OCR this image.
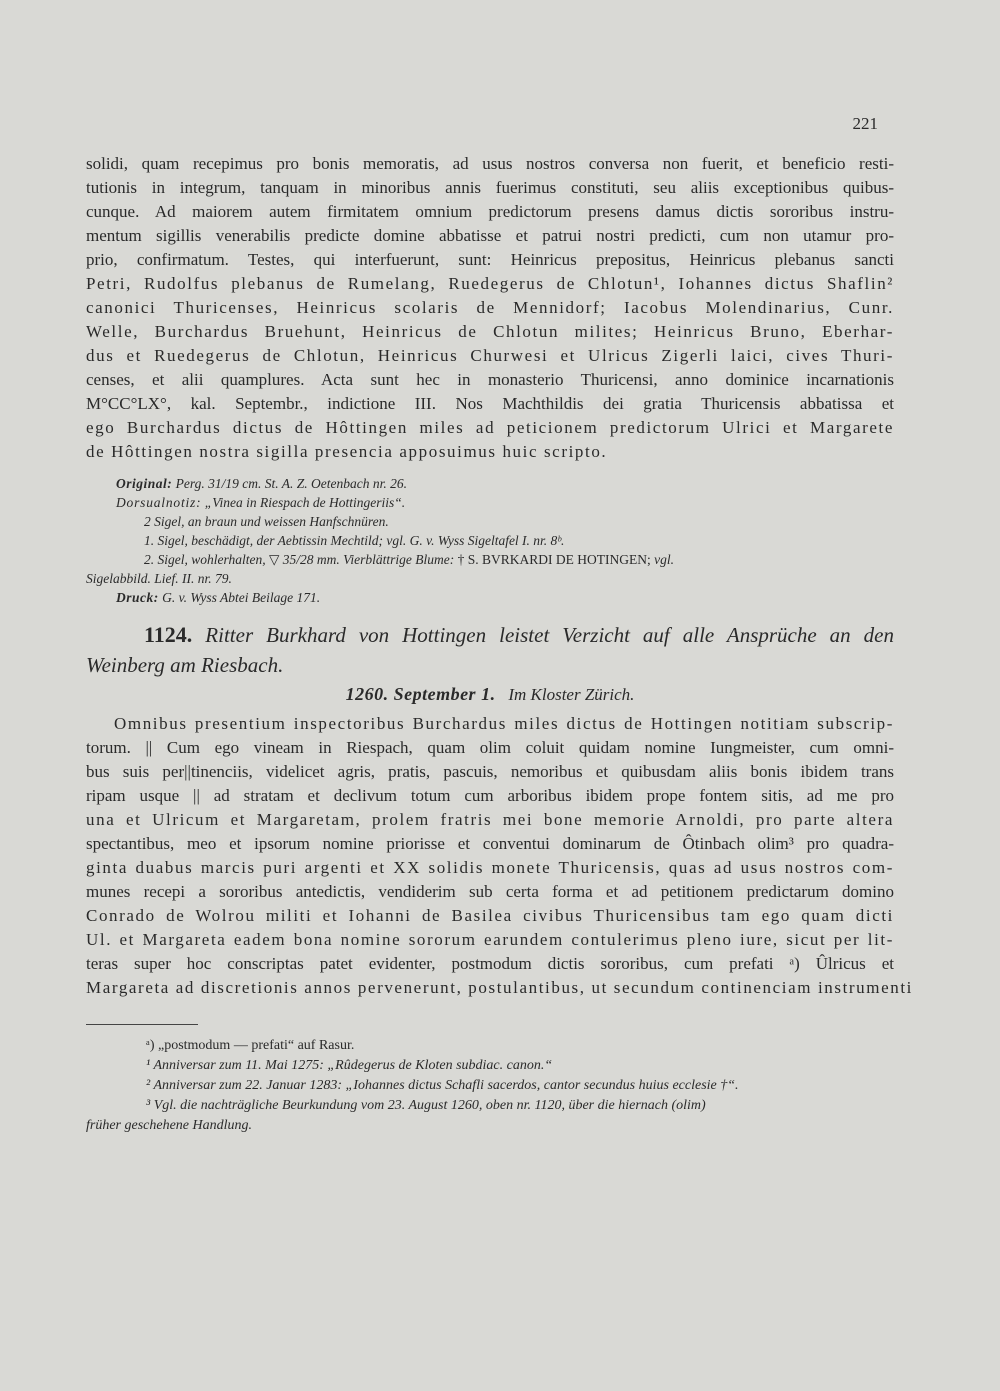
221
solidi, quam recepimus pro bonis memoratis, ad usus nostros conversa non fuerit, et beneficio resti-
tutionis in integrum, tanquam in minoribus annis fuerimus constituti, seu aliis exceptionibus quibus-
cunque. Ad maiorem autem firmitatem omnium predictorum presens damus dictis sororibus instru-
mentum sigillis venerabilis predicte domine abbatisse et patrui nostri predicti, cum non utamur pro-
prio, confirmatum. Testes, qui interfuerunt, sunt: Heinricus prepositus, Heinricus plebanus sancti
Petri, Rudolfus plebanus de Rumelang, Ruedegerus de Chlotun¹, Iohannes dictus Shaflin²
canonici Thuricenses, Heinricus scolaris de Mennidorf; Iacobus Molendinarius, Cunr.
Welle, Burchardus Bruehunt, Heinricus de Chlotun milites; Heinricus Bruno, Eberhar-
dus et Ruedegerus de Chlotun, Heinricus Churwesi et Ulricus Zigerli laici, cives Thuri-
censes, et alii quamplures. Acta sunt hec in monasterio Thuricensi, anno dominice incarnationis
M°CC°LX°, kal. Septembr., indictione III. Nos Machthildis dei gratia Thuricensis abbatissa et
ego Burchardus dictus de Hôttingen miles ad peticionem predictorum Ulrici et Margarete
de Hôttingen nostra sigilla presencia apposuimus huic scripto.
Original: Perg. 31/19 cm. St. A. Z. Oetenbach nr. 26.
Dorsualnotiz: „Vinea in Riespach de Hottingeriis“.
2 Sigel, an braun und weissen Hanfschnüren.
1. Sigel, beschädigt, der Aebtissin Mechtild; vgl. G. v. Wyss Sigeltafel I. nr. 8ᵇ.
2. Sigel, wohlerhalten, ▽ 35/28 mm. Vierblättrige Blume: † S. BVRKARDI DE HOTINGEN; vgl.
Sigelabbild. Lief. II. nr. 79.
Druck: G. v. Wyss Abtei Beilage 171.
1124. Ritter Burkhard von Hottingen leistet Verzicht auf alle Ansprüche an den
Weinberg am Riesbach.
1260. September 1. Im Kloster Zürich.
Omnibus presentium inspectoribus Burchardus miles dictus de Hottingen notitiam subscrip-
torum. || Cum ego vineam in Riespach, quam olim coluit quidam nomine Iungmeister, cum omni-
bus suis per||tinenciis, videlicet agris, pratis, pascuis, nemoribus et quibusdam aliis bonis ibidem trans
ripam usque || ad stratam et declivum totum cum arboribus ibidem prope fontem sitis, ad me pro
una et Ulricum et Margaretam, prolem fratris mei bone memorie Arnoldi, pro parte altera
spectantibus, meo et ipsorum nomine priorisse et conventui dominarum de Ôtinbach olim³ pro quadra-
ginta duabus marcis puri argenti et XX solidis monete Thuricensis, quas ad usus nostros com-
munes recepi a sororibus antedictis, vendiderim sub certa forma et ad petitionem predictarum domino
Conrado de Wolrou militi et Iohanni de Basilea civibus Thuricensibus tam ego quam dicti
Ul. et Margareta eadem bona nomine sororum earundem contulerimus pleno iure, sicut per lit-
teras super hoc conscriptas patet evidenter, postmodum dictis sororibus, cum prefati ᵃ) Ûlricus et
Margareta ad discretionis annos pervenerunt, postulantibus, ut secundum continenciam instrumenti
ᵃ) „postmodum — prefati“ auf Rasur.
¹ Anniversar zum 11. Mai 1275: „Rûdegerus de Kloten subdiac. canon.“
² Anniversar zum 22. Januar 1283: „Iohannes dictus Schafli sacerdos, cantor secundus huius ecclesie †“.
³ Vgl. die nachträgliche Beurkundung vom 23. August 1260, oben nr. 1120, über die hiernach (olim)
früher geschehene Handlung.
